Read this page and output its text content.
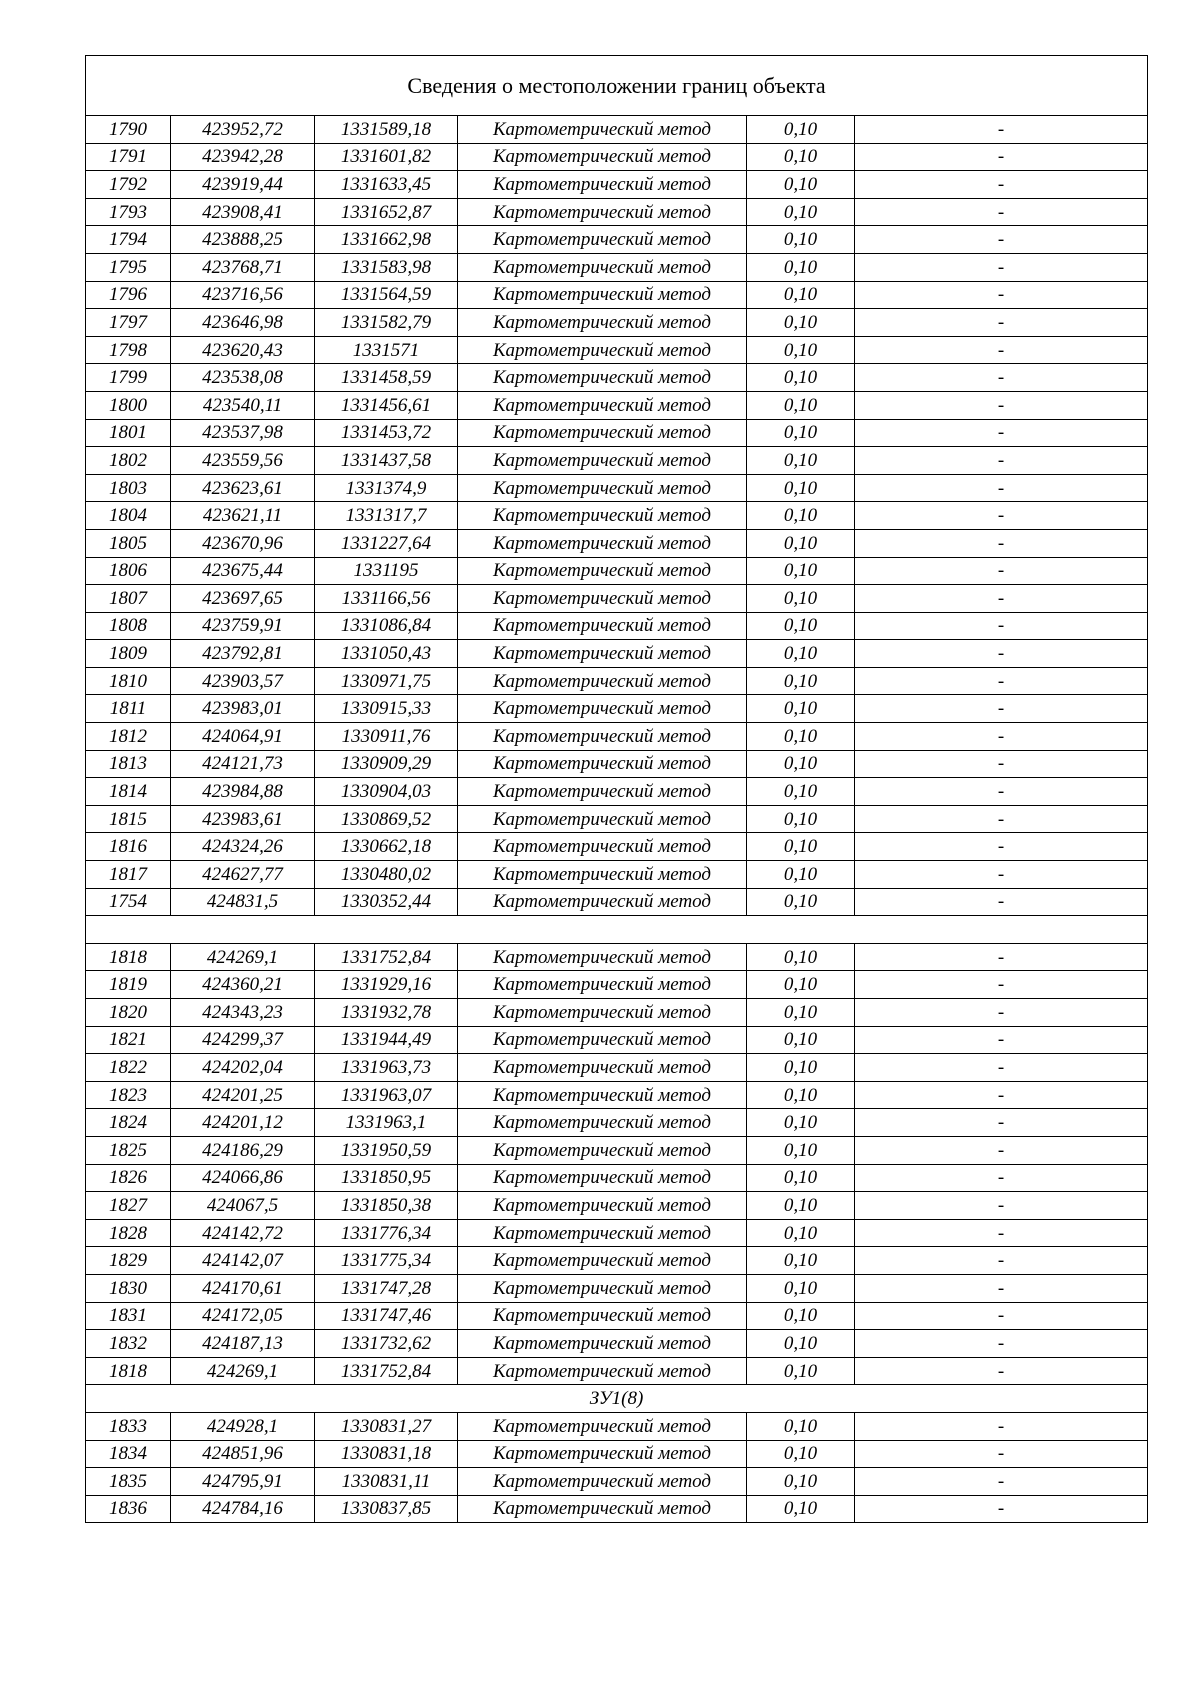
Сведения о местоположении границ объекта					
1790	423952,72	1331589,18	Картометрический метод	0,10	-
1791	423942,28	1331601,82	Картометрический метод	0,10	-
1792	423919,44	1331633,45	Картометрический метод	0,10	-
1793	423908,41	1331652,87	Картометрический метод	0,10	-
1794	423888,25	1331662,98	Картометрический метод	0,10	-
1795	423768,71	1331583,98	Картометрический метод	0,10	-
1796	423716,56	1331564,59	Картометрический метод	0,10	-
1797	423646,98	1331582,79	Картометрический метод	0,10	-
1798	423620,43	1331571	Картометрический метод	0,10	-
1799	423538,08	1331458,59	Картометрический метод	0,10	-
1800	423540,11	1331456,61	Картометрический метод	0,10	-
1801	423537,98	1331453,72	Картометрический метод	0,10	-
1802	423559,56	1331437,58	Картометрический метод	0,10	-
1803	423623,61	1331374,9	Картометрический метод	0,10	-
1804	423621,11	1331317,7	Картометрический метод	0,10	-
1805	423670,96	1331227,64	Картометрический метод	0,10	-
1806	423675,44	1331195	Картометрический метод	0,10	-
1807	423697,65	1331166,56	Картометрический метод	0,10	-
1808	423759,91	1331086,84	Картометрический метод	0,10	-
1809	423792,81	1331050,43	Картометрический метод	0,10	-
1810	423903,57	1330971,75	Картометрический метод	0,10	-
1811	423983,01	1330915,33	Картометрический метод	0,10	-
1812	424064,91	1330911,76	Картометрический метод	0,10	-
1813	424121,73	1330909,29	Картометрический метод	0,10	-
1814	423984,88	1330904,03	Картометрический метод	0,10	-
1815	423983,61	1330869,52	Картометрический метод	0,10	-
1816	424324,26	1330662,18	Картометрический метод	0,10	-
1817	424627,77	1330480,02	Картометрический метод	0,10	-
1754	424831,5	1330352,44	Картометрический метод	0,10	-

1818	424269,1	1331752,84	Картометрический метод	0,10	-
1819	424360,21	1331929,16	Картометрический метод	0,10	-
1820	424343,23	1331932,78	Картометрический метод	0,10	-
1821	424299,37	1331944,49	Картометрический метод	0,10	-
1822	424202,04	1331963,73	Картометрический метод	0,10	-
1823	424201,25	1331963,07	Картометрический метод	0,10	-
1824	424201,12	1331963,1	Картометрический метод	0,10	-
1825	424186,29	1331950,59	Картометрический метод	0,10	-
1826	424066,86	1331850,95	Картометрический метод	0,10	-
1827	424067,5	1331850,38	Картометрический метод	0,10	-
1828	424142,72	1331776,34	Картометрический метод	0,10	-
1829	424142,07	1331775,34	Картометрический метод	0,10	-
1830	424170,61	1331747,28	Картометрический метод	0,10	-
1831	424172,05	1331747,46	Картометрический метод	0,10	-
1832	424187,13	1331732,62	Картометрический метод	0,10	-
1818	424269,1	1331752,84	Картометрический метод	0,10	-
ЗУ1(8)					
1833	424928,1	1330831,27	Картометрический метод	0,10	-
1834	424851,96	1330831,18	Картометрический метод	0,10	-
1835	424795,91	1330831,11	Картометрический метод	0,10	-
1836	424784,16	1330837,85	Картометрический метод	0,10	-
